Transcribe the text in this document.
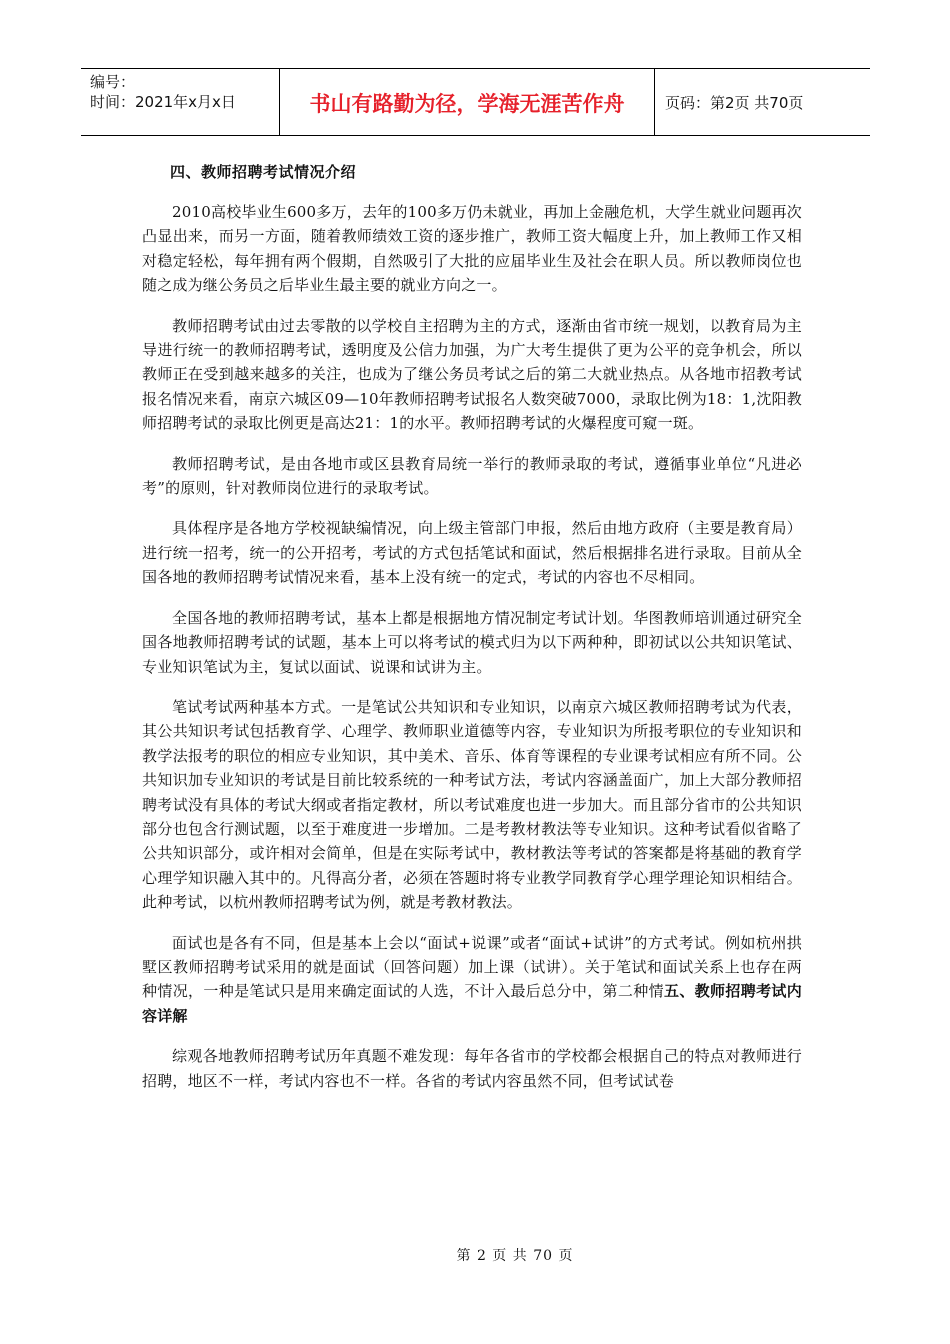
编号：
时间：2021年x月x日	书山有路勤为径，学海无涯苦作舟	页码：第2页 共70页
四、教师招聘考试情况介绍

2010高校毕业生600多万，去年的100多万仍未就业，再加上金融危机，大学生就业问题再次凸显出来，而另一方面，随着教师绩效工资的逐步推广，教师工资大幅度上升，加上教师工作又相对稳定轻松，每年拥有两个假期，自然吸引了大批的应届毕业生及社会在职人员。所以教师岗位也随之成为继公务员之后毕业生最主要的就业方向之一。

教师招聘考试由过去零散的以学校自主招聘为主的方式，逐渐由省市统一规划，以教育局为主导进行统一的教师招聘考试，透明度及公信力加强，为广大考生提供了更为公平的竞争机会，所以教师正在受到越来越多的关注，也成为了继公务员考试之后的第二大就业热点。从各地市招教考试报名情况来看，南京六城区09—10年教师招聘考试报名人数突破7000，录取比例为18：1,沈阳教师招聘考试的录取比例更是高达21：1的水平。教师招聘考试的火爆程度可窥一斑。

教师招聘考试，是由各地市或区县教育局统一举行的教师录取的考试，遵循事业单位“凡进必考”的原则，针对教师岗位进行的录取考试。

具体程序是各地方学校视缺编情况，向上级主管部门申报，然后由地方政府（主要是教育局）进行统一招考，统一的公开招考，考试的方式包括笔试和面试，然后根据排名进行录取。目前从全国各地的教师招聘考试情况来看，基本上没有统一的定式，考试的内容也不尽相同。

全国各地的教师招聘考试，基本上都是根据地方情况制定考试计划。华图教师培训通过研究全国各地教师招聘考试的试题，基本上可以将考试的模式归为以下两种种，即初试以公共知识笔试、专业知识笔试为主，复试以面试、说课和试讲为主。

笔试考试两种基本方式。一是笔试公共知识和专业知识，以南京六城区教师招聘考试为代表，其公共知识考试包括教育学、心理学、教师职业道德等内容，专业知识为所报考职位的专业知识和教学法报考的职位的相应专业知识，其中美术、音乐、体育等课程的专业课考试相应有所不同。公共知识加专业知识的考试是目前比较系统的一种考试方法，考试内容涵盖面广，加上大部分教师招聘考试没有具体的考试大纲或者指定教材，所以考试难度也进一步加大。而且部分省市的公共知识部分也包含行测试题，以至于难度进一步增加。二是考教材教法等专业知识。这种考试看似省略了公共知识部分，或许相对会简单，但是在实际考试中，教材教法等考试的答案都是将基础的教育学心理学知识融入其中的。凡得高分者，必须在答题时将专业教学同教育学心理学理论知识相结合。此种考试，以杭州教师招聘考试为例，就是考教材教法。

面试也是各有不同，但是基本上会以“面试+说课”或者“面试+试讲”的方式考试。例如杭州拱墅区教师招聘考试采用的就是面试（回答问题）加上课（试讲）。关于笔试和面试关系上也存在两种情况，一种是笔试只是用来确定面试的人选，不计入最后总分中，第二种情五、教师招聘考试内容详解

综观各地教师招聘考试历年真题不难发现：每年各省市的学校都会根据自己的特点对教师进行招聘，地区不一样，考试内容也不一样。各省的考试内容虽然不同，但考试试卷

第 2 页 共 70 页
